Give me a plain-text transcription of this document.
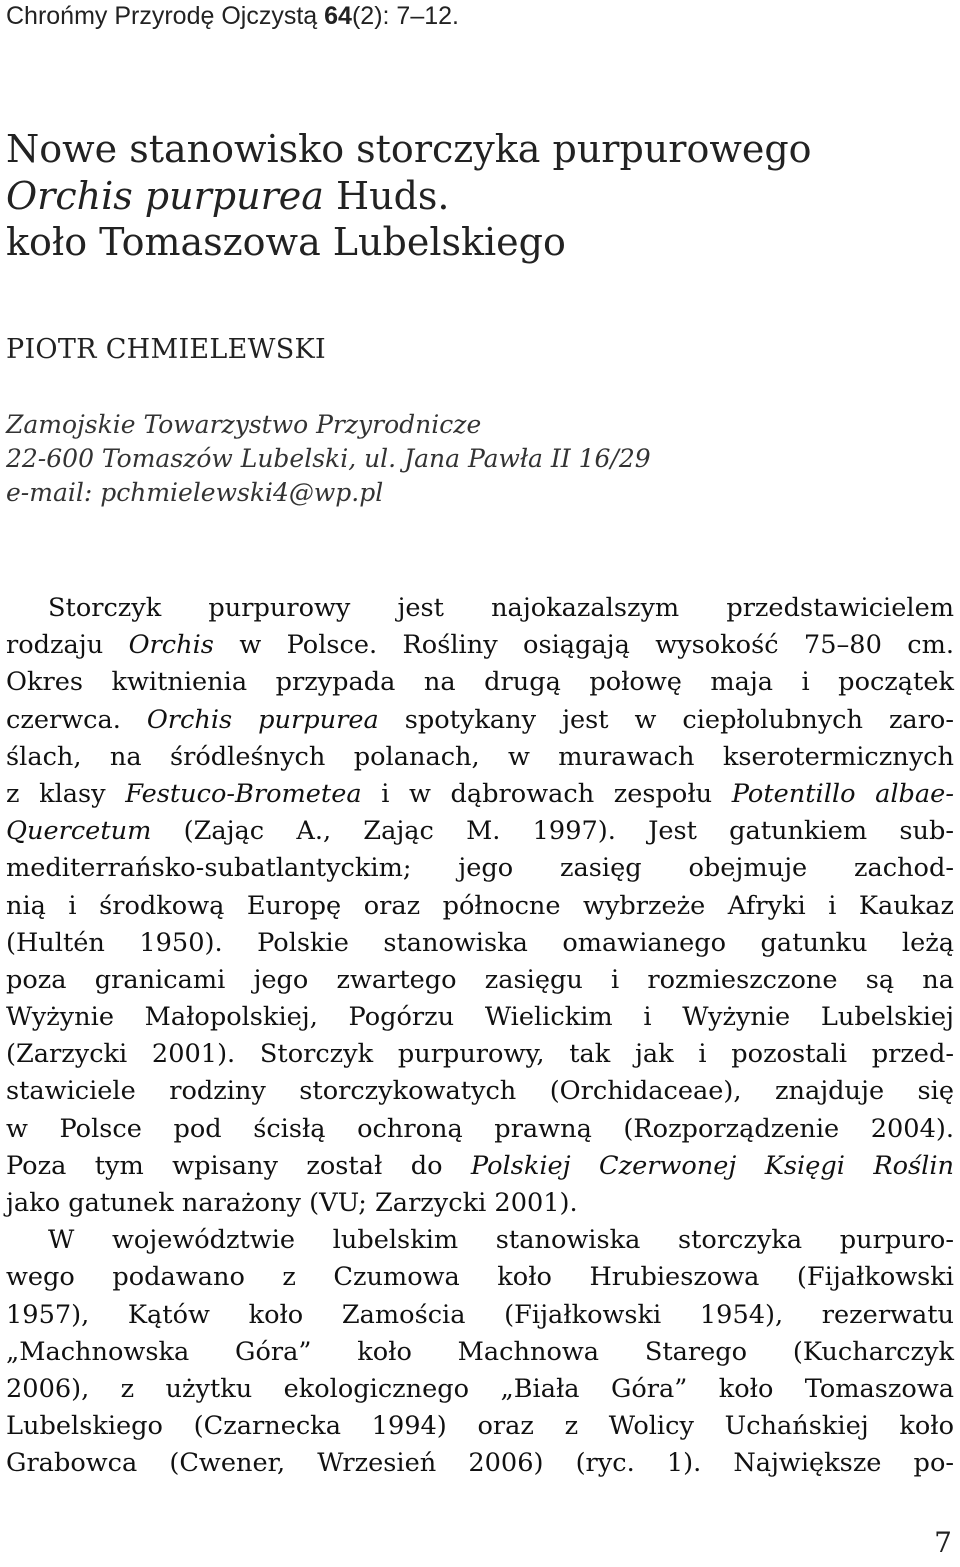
Chrońmy Przyrodę Ojczystą 64(2): 7–12.
Nowe stanowisko storczyka purpurowego
Orchis purpurea Huds.
koło Tomaszowa Lubelskiego
PIOTR CHMIELEWSKI
Zamojskie Towarzystwo Przyrodnicze
22-600 Tomaszów Lubelski, ul. Jana Pawła II 16/29
e-mail: pchmielewski4@wp.pl
Storczyk purpurowy jest najokazalszym przedstawicielem
rodzaju Orchis w Polsce. Rośliny osiągają wysokość 75–80 cm.
Okres kwitnienia przypada na drugą połowę maja i początek
czerwca. Orchis purpurea spotykany jest w ciepłolubnych zaro-
ślach, na śródleśnych polanach, w murawach kserotermicznych
z klasy Festuco-Brometea i w dąbrowach zespołu Potentillo albae-
Quercetum (Zając A., Zając M. 1997). Jest gatunkiem sub-
mediterrańsko-subatlantyckim; jego zasięg obejmuje zachod-
nią i środkową Europę oraz północne wybrzeże Afryki i Kaukaz
(Hultén 1950). Polskie stanowiska omawianego gatunku leżą
poza granicami jego zwartego zasięgu i rozmieszczone są na
Wyżynie Małopolskiej, Pogórzu Wielickim i Wyżynie Lubelskiej
(Zarzycki 2001). Storczyk purpurowy, tak jak i pozostali przed-
stawiciele rodziny storczykowatych (Orchidaceae), znajduje się
w Polsce pod ścisłą ochroną prawną (Rozporządzenie 2004).
Poza tym wpisany został do Polskiej Czerwonej Księgi Roślin
jako gatunek narażony (VU; Zarzycki 2001).
W województwie lubelskim stanowiska storczyka purpuro-
wego podawano z Czumowa koło Hrubieszowa (Fijałkowski
1957), Kątów koło Zamościa (Fijałkowski 1954), rezerwatu
„Machnowska Góra” koło Machnowa Starego (Kucharczyk
2006), z użytku ekologicznego „Biała Góra” koło Tomaszowa
Lubelskiego (Czarnecka 1994) oraz z Wolicy Uchańskiej koło
Grabowca (Cwener, Wrzesień 2006) (ryc. 1). Największe po-
7
